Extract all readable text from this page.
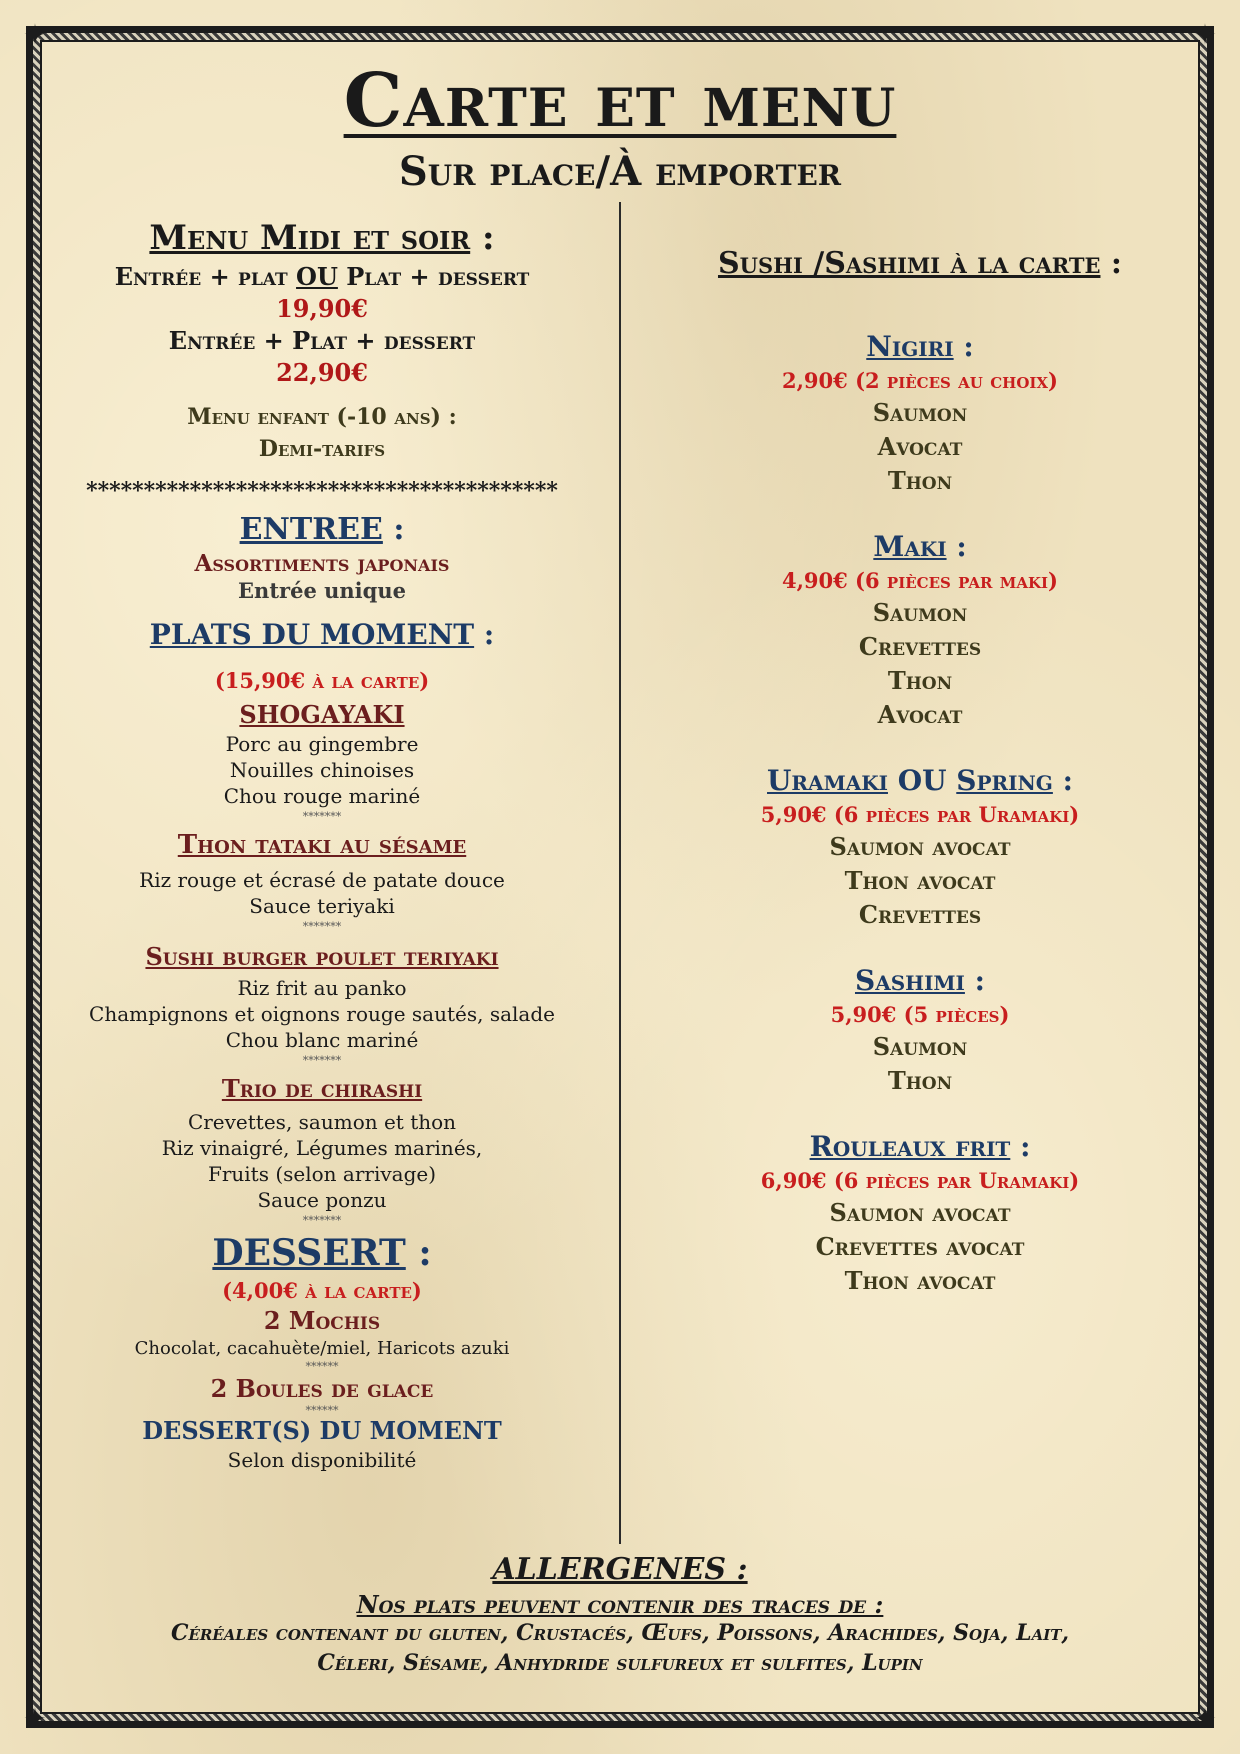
✦	✦
✦	✦
Carte et menu
Sur place/À emporter
Menu Midi et soir :
Entrée + plat OU Plat + dessert
19,90€
Entrée + Plat + dessert
22,90€
Menu enfant (-10 ans) :
Demi-tarifs
*****************************************
ENTREE :
Assortiments japonais
Entrée unique
PLATS DU MOMENT :
(15,90€ à la carte)
SHOGAYAKI
Porc au gingembre
Nouilles chinoises
Chou rouge mariné
*******
Thon tataki au sésame
Riz rouge et écrasé de patate douce
Sauce teriyaki
*******
Sushi burger poulet teriyaki
Riz frit au panko
Champignons et oignons rouge sautés, salade
Chou blanc mariné
*******
Trio de chirashi
Crevettes, saumon et thon
Riz vinaigré, Légumes marinés,
Fruits (selon arrivage)
Sauce ponzu
*******
DESSERT :
(4,00€ à la carte)
2 Mochis
Chocolat, cacahuète/miel, Haricots azuki
******
2 Boules de glace
******
DESSERT(S) DU MOMENT
Selon disponibilité
Sushi /Sashimi à la carte :
Nigiri :
2,90€ (2 pièces au choix)
Saumon
Avocat
Thon
Maki :
4,90€ (6 pièces par maki)
Saumon
Crevettes
Thon
Avocat
Uramaki OU Spring :
5,90€ (6 pièces par Uramaki)
Saumon avocat
Thon avocat
Crevettes
Sashimi :
5,90€ (5 pièces)
Saumon
Thon
Rouleaux frit :
6,90€ (6 pièces par Uramaki)
Saumon avocat
Crevettes avocat
Thon avocat
ALLERGENES :
Nos plats peuvent contenir des traces de :
Céréales contenant du gluten, Crustacés, Œufs, Poissons, Arachides, Soja, Lait,
Céleri, Sésame, Anhydride sulfureux et sulfites, Lupin
